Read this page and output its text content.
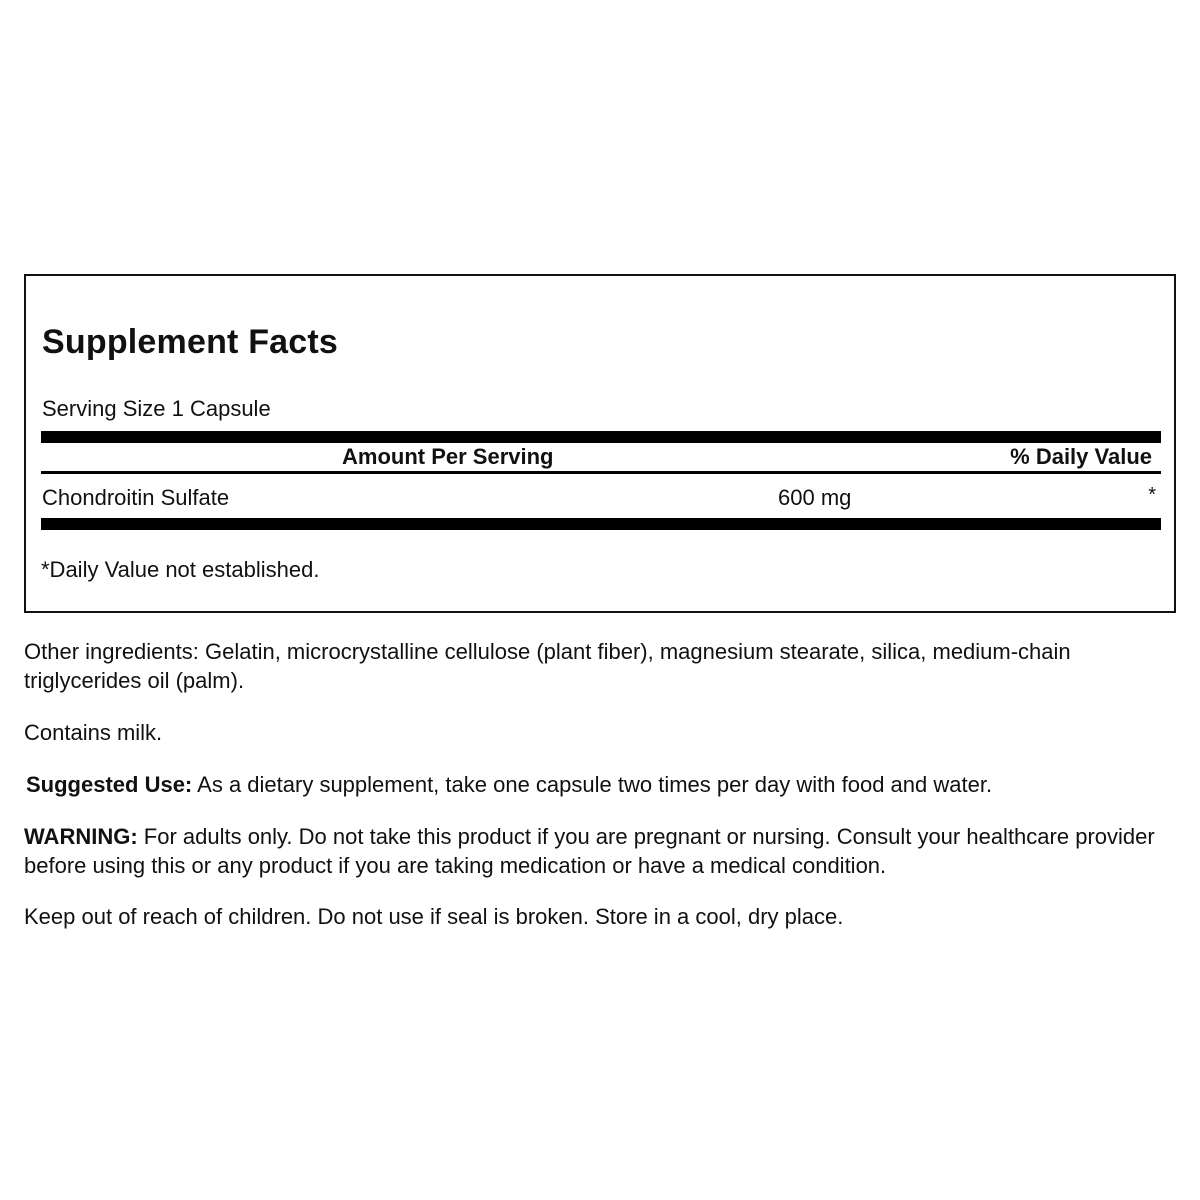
Supplement Facts
Serving Size 1 Capsule
Amount Per Serving	% Daily Value
Chondroitin Sulfate	600 mg	*
*Daily Value not established.
Other ingredients: Gelatin, microcrystalline cellulose (plant fiber), magnesium stearate, silica, medium-chain triglycerides oil (palm).
Contains milk.
Suggested Use: As a dietary supplement, take one capsule two times per day with food and water.
WARNING: For adults only. Do not take this product if you are pregnant or nursing. Consult your healthcare provider before using this or any product if you are taking medication or have a medical condition.
Keep out of reach of children. Do not use if seal is broken. Store in a cool, dry place.
